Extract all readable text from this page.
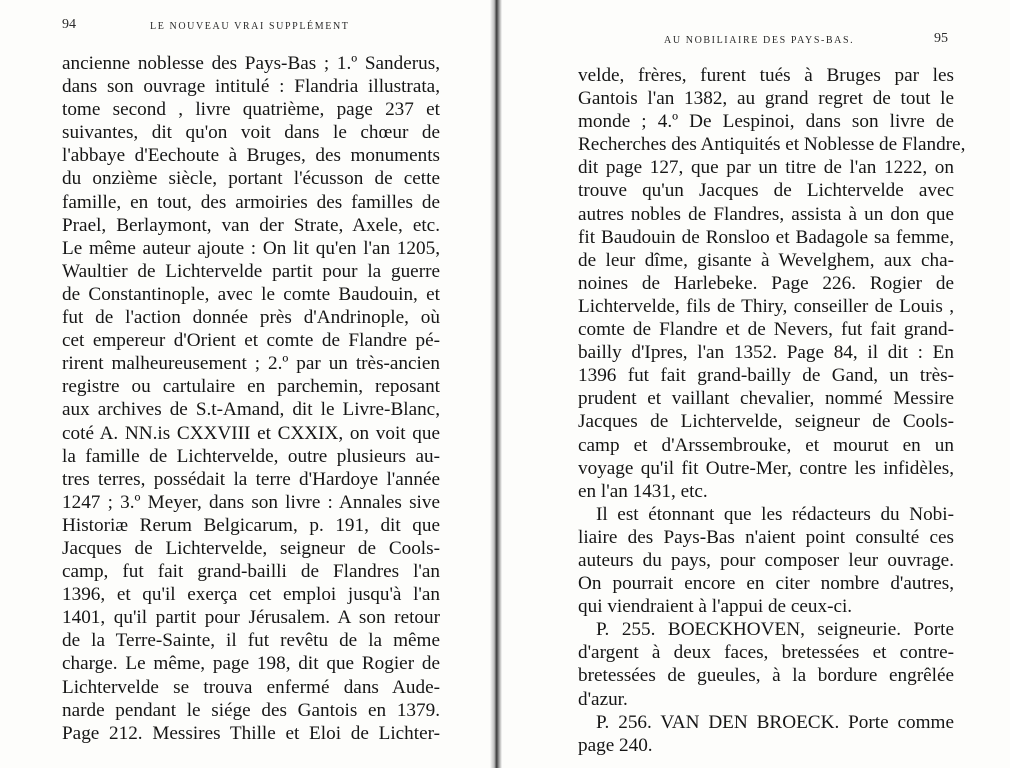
94	LE NOUVEAU VRAI SUPPLÉMENT
ancienne noblesse des Pays-Bas ; 1.º Sanderus,
dans son ouvrage intitulé : Flandria illustrata,
tome second , livre quatrième, page 237 et
suivantes, dit qu'on voit dans le chœur de
l'abbaye d'Eechoute à Bruges, des monuments
du onzième siècle, portant l'écusson de cette
famille, en tout, des armoiries des familles de
Prael, Berlaymont, van der Strate, Axele, etc.
Le même auteur ajoute : On lit qu'en l'an 1205,
Waultier de Lichtervelde partit pour la guerre
de Constantinople, avec le comte Baudouin, et
fut de l'action donnée près d'Andrinople, où
cet empereur d'Orient et comte de Flandre pé-
rirent malheureusement ; 2.º par un très-ancien
registre ou cartulaire en parchemin, reposant
aux archives de S.t-Amand, dit le Livre-Blanc,
coté A. NN.is CXXVIII et CXXIX, on voit que
la famille de Lichtervelde, outre plusieurs au-
tres terres, possédait la terre d'Hardoye l'année
1247 ; 3.º Meyer, dans son livre : Annales sive
Historiæ Rerum Belgicarum, p. 191, dit que
Jacques de Lichtervelde, seigneur de Cools-
camp, fut fait grand-bailli de Flandres l'an
1396, et qu'il exerça cet emploi jusqu'à l'an
1401, qu'il partit pour Jérusalem. A son retour
de la Terre-Sainte, il fut revêtu de la même
charge. Le même, page 198, dit que Rogier de
Lichtervelde se trouva enfermé dans Aude-
narde pendant le siége des Gantois en 1379.
Page 212. Messires Thille et Eloi de Lichter-
AU NOBILIAIRE DES PAYS-BAS.	95
velde, frères, furent tués à Bruges par les
Gantois l'an 1382, au grand regret de tout le
monde ; 4.º De Lespinoi, dans son livre de
Recherches des Antiquités et Noblesse de Flandre,
dit page 127, que par un titre de l'an 1222, on
trouve qu'un Jacques de Lichtervelde avec
autres nobles de Flandres, assista à un don que
fit Baudouin de Ronsloo et Badagole sa femme,
de leur dîme, gisante à Wevelghem, aux cha-
noines de Harlebeke. Page 226. Rogier de
Lichtervelde, fils de Thiry, conseiller de Louis ,
comte de Flandre et de Nevers, fut fait grand-
bailly d'Ipres, l'an 1352. Page 84, il dit : En
1396 fut fait grand-bailly de Gand, un très-
prudent et vaillant chevalier, nommé Messire
Jacques de Lichtervelde, seigneur de Cools-
camp et d'Arssembrouke, et mourut en un
voyage qu'il fit Outre-Mer, contre les infidèles,
en l'an 1431, etc.
Il est étonnant que les rédacteurs du Nobi-
liaire des Pays-Bas n'aient point consulté ces
auteurs du pays, pour composer leur ouvrage.
On pourrait encore en citer nombre d'autres,
qui viendraient à l'appui de ceux-ci.
P. 255. BOECKHOVEN, seigneurie. Porte
d'argent à deux faces, bretessées et contre-
bretessées de gueules, à la bordure engrêlée
d'azur.
P. 256. VAN DEN BROECK. Porte comme
page 240.
